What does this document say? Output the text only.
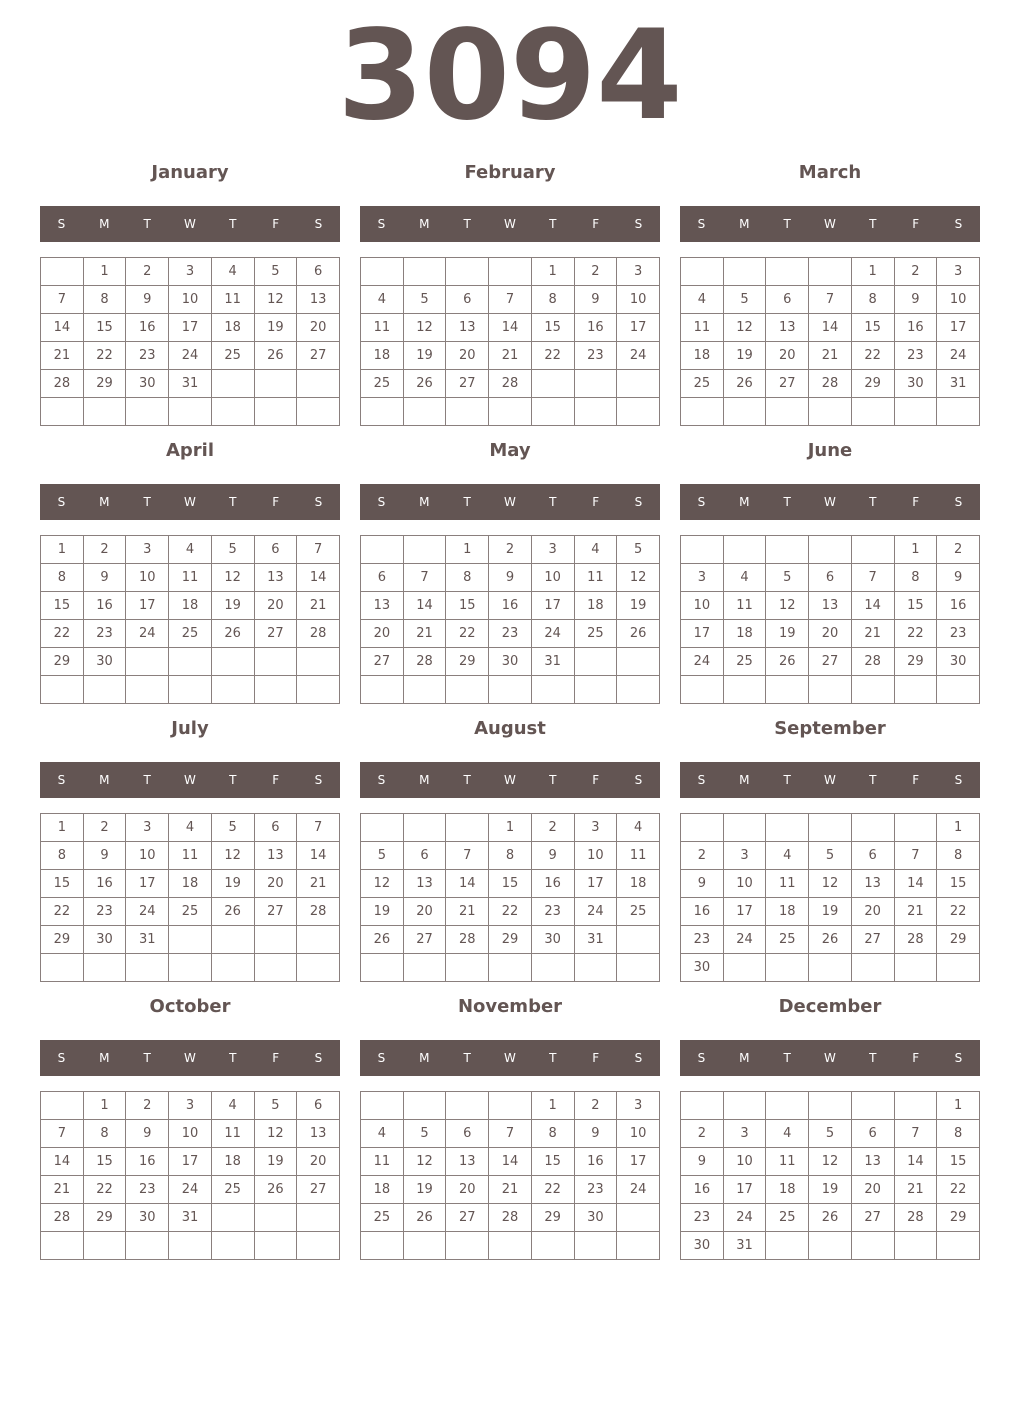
3094
January
S	M	T	W	T	F	S
	1	2	3	4	5	6
7	8	9	10	11	12	13
14	15	16	17	18	19	20
21	22	23	24	25	26	27
28	29	30	31			

February
S	M	T	W	T	F	S
				1	2	3
4	5	6	7	8	9	10
11	12	13	14	15	16	17
18	19	20	21	22	23	24
25	26	27	28			

March
S	M	T	W	T	F	S
				1	2	3
4	5	6	7	8	9	10
11	12	13	14	15	16	17
18	19	20	21	22	23	24
25	26	27	28	29	30	31

April
S	M	T	W	T	F	S
1	2	3	4	5	6	7
8	9	10	11	12	13	14
15	16	17	18	19	20	21
22	23	24	25	26	27	28
29	30					

May
S	M	T	W	T	F	S
		1	2	3	4	5
6	7	8	9	10	11	12
13	14	15	16	17	18	19
20	21	22	23	24	25	26
27	28	29	30	31		

June
S	M	T	W	T	F	S
					1	2
3	4	5	6	7	8	9
10	11	12	13	14	15	16
17	18	19	20	21	22	23
24	25	26	27	28	29	30

July
S	M	T	W	T	F	S
1	2	3	4	5	6	7
8	9	10	11	12	13	14
15	16	17	18	19	20	21
22	23	24	25	26	27	28
29	30	31				

August
S	M	T	W	T	F	S
			1	2	3	4
5	6	7	8	9	10	11
12	13	14	15	16	17	18
19	20	21	22	23	24	25
26	27	28	29	30	31	

September
S	M	T	W	T	F	S
						1
2	3	4	5	6	7	8
9	10	11	12	13	14	15
16	17	18	19	20	21	22
23	24	25	26	27	28	29
30						
October
S	M	T	W	T	F	S
	1	2	3	4	5	6
7	8	9	10	11	12	13
14	15	16	17	18	19	20
21	22	23	24	25	26	27
28	29	30	31			

November
S	M	T	W	T	F	S
				1	2	3
4	5	6	7	8	9	10
11	12	13	14	15	16	17
18	19	20	21	22	23	24
25	26	27	28	29	30	

December
S	M	T	W	T	F	S
						1
2	3	4	5	6	7	8
9	10	11	12	13	14	15
16	17	18	19	20	21	22
23	24	25	26	27	28	29
30	31					
